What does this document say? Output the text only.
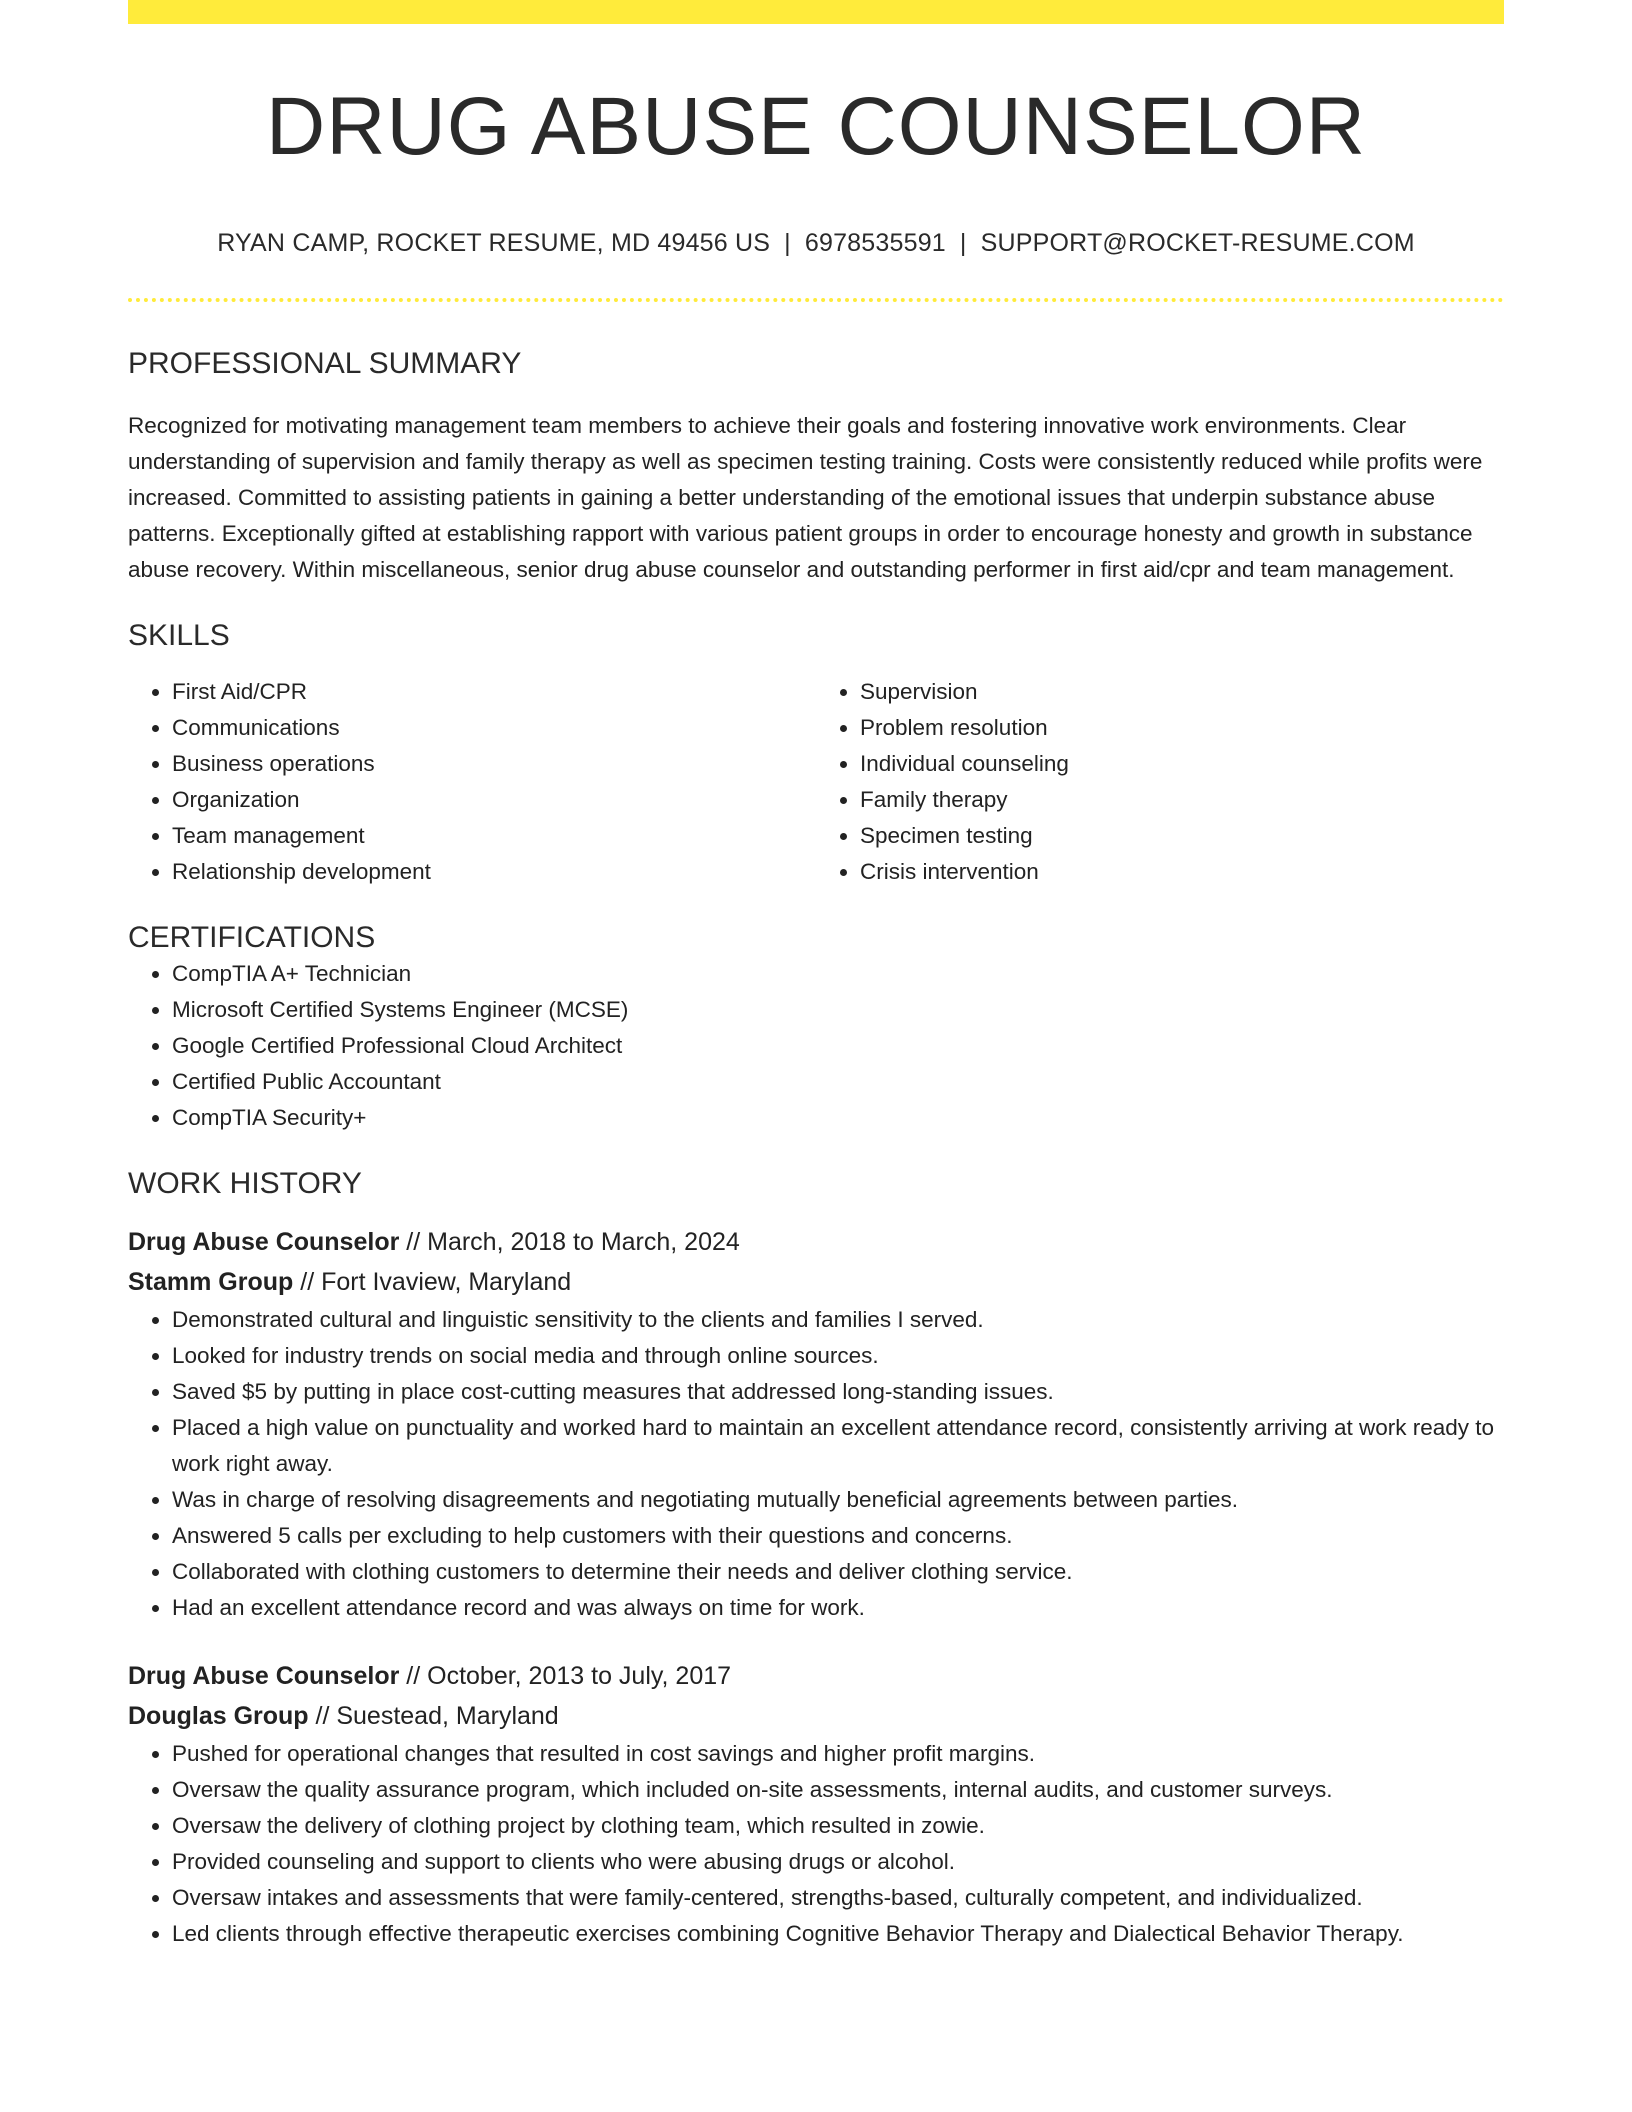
DRUG ABUSE COUNSELOR
RYAN CAMP, ROCKET RESUME, MD 49456 US | 6978535591 | SUPPORT@ROCKET-RESUME.COM
PROFESSIONAL SUMMARY

Recognized for motivating management team members to achieve their goals and fostering innovative work environments. Clear understanding of supervision and family therapy as well as specimen testing training. Costs were consistently reduced while profits were increased. Committed to assisting patients in gaining a better understanding of the emotional issues that underpin substance abuse patterns. Exceptionally gifted at establishing rapport with various patient groups in order to encourage honesty and growth in substance abuse recovery. Within miscellaneous, senior drug abuse counselor and outstanding performer in first aid/cpr and team management.

SKILLS
• First Aid/CPR
• Communications
• Business operations
• Organization
• Team management
• Relationship development
• Supervision
• Problem resolution
• Individual counseling
• Family therapy
• Specimen testing
• Crisis intervention
CERTIFICATIONS
• CompTIA A+ Technician
• Microsoft Certified Systems Engineer (MCSE)
• Google Certified Professional Cloud Architect
• Certified Public Accountant
• CompTIA Security+
WORK HISTORY
Drug Abuse Counselor // March, 2018 to March, 2024
Stamm Group // Fort Ivaview, Maryland
• Demonstrated cultural and linguistic sensitivity to the clients and families I served.
• Looked for industry trends on social media and through online sources.
• Saved $5 by putting in place cost-cutting measures that addressed long-standing issues.
• Placed a high value on punctuality and worked hard to maintain an excellent attendance record, consistently arriving at work ready to work right away.
• Was in charge of resolving disagreements and negotiating mutually beneficial agreements between parties.
• Answered 5 calls per excluding to help customers with their questions and concerns.
• Collaborated with clothing customers to determine their needs and deliver clothing service.
• Had an excellent attendance record and was always on time for work.
Drug Abuse Counselor // October, 2013 to July, 2017
Douglas Group // Suestead, Maryland
• Pushed for operational changes that resulted in cost savings and higher profit margins.
• Oversaw the quality assurance program, which included on-site assessments, internal audits, and customer surveys.
• Oversaw the delivery of clothing project by clothing team, which resulted in zowie.
• Provided counseling and support to clients who were abusing drugs or alcohol.
• Oversaw intakes and assessments that were family-centered, strengths-based, culturally competent, and individualized.
• Led clients through effective therapeutic exercises combining Cognitive Behavior Therapy and Dialectical Behavior Therapy.
